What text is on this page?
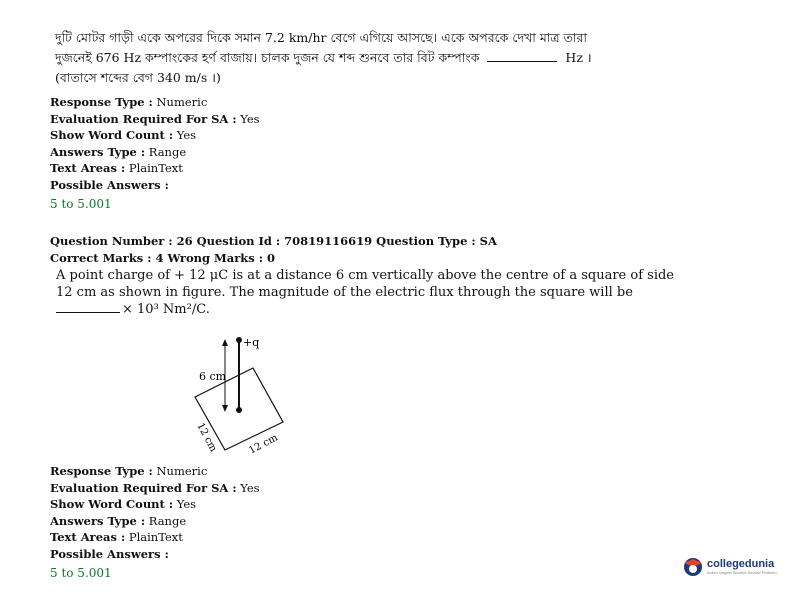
দুটি মোটর গাড়ী একে অপরের দিকে সমান 7.2 km/hr বেগে এগিয়ে আসছে। একে অপরকে দেখা মাত্র তারা
দুজনেই 676 Hz কম্পাংকের হর্ণ বাজায়। চালক দুজন যে শব্দ শুনবে তার বিট কম্পাংক	Hz ।
(বাতাসে শব্দের বেগ 340 m/s ।)
Response Type : Numeric
Evaluation Required For SA : Yes
Show Word Count : Yes
Answers Type : Range
Text Areas : PlainText
Possible Answers :
5 to 5.001
Question Number : 26 Question Id : 70819116619 Question Type : SA
Correct Marks : 4 Wrong Marks : 0
A point charge of + 12 μC is at a distance 6 cm vertically above the centre of a square of side
12 cm as shown in figure. The magnitude of the electric flux through the square will be
× 10³ Nm²/C.
+q
6 cm
12 cm	12 cm
Response Type : Numeric
Evaluation Required For SA : Yes
Show Word Count : Yes
Answers Type : Range
Text Areas : PlainText
Possible Answers :
5 to 5.001
collegedunia
India's largest Student Review Platform
